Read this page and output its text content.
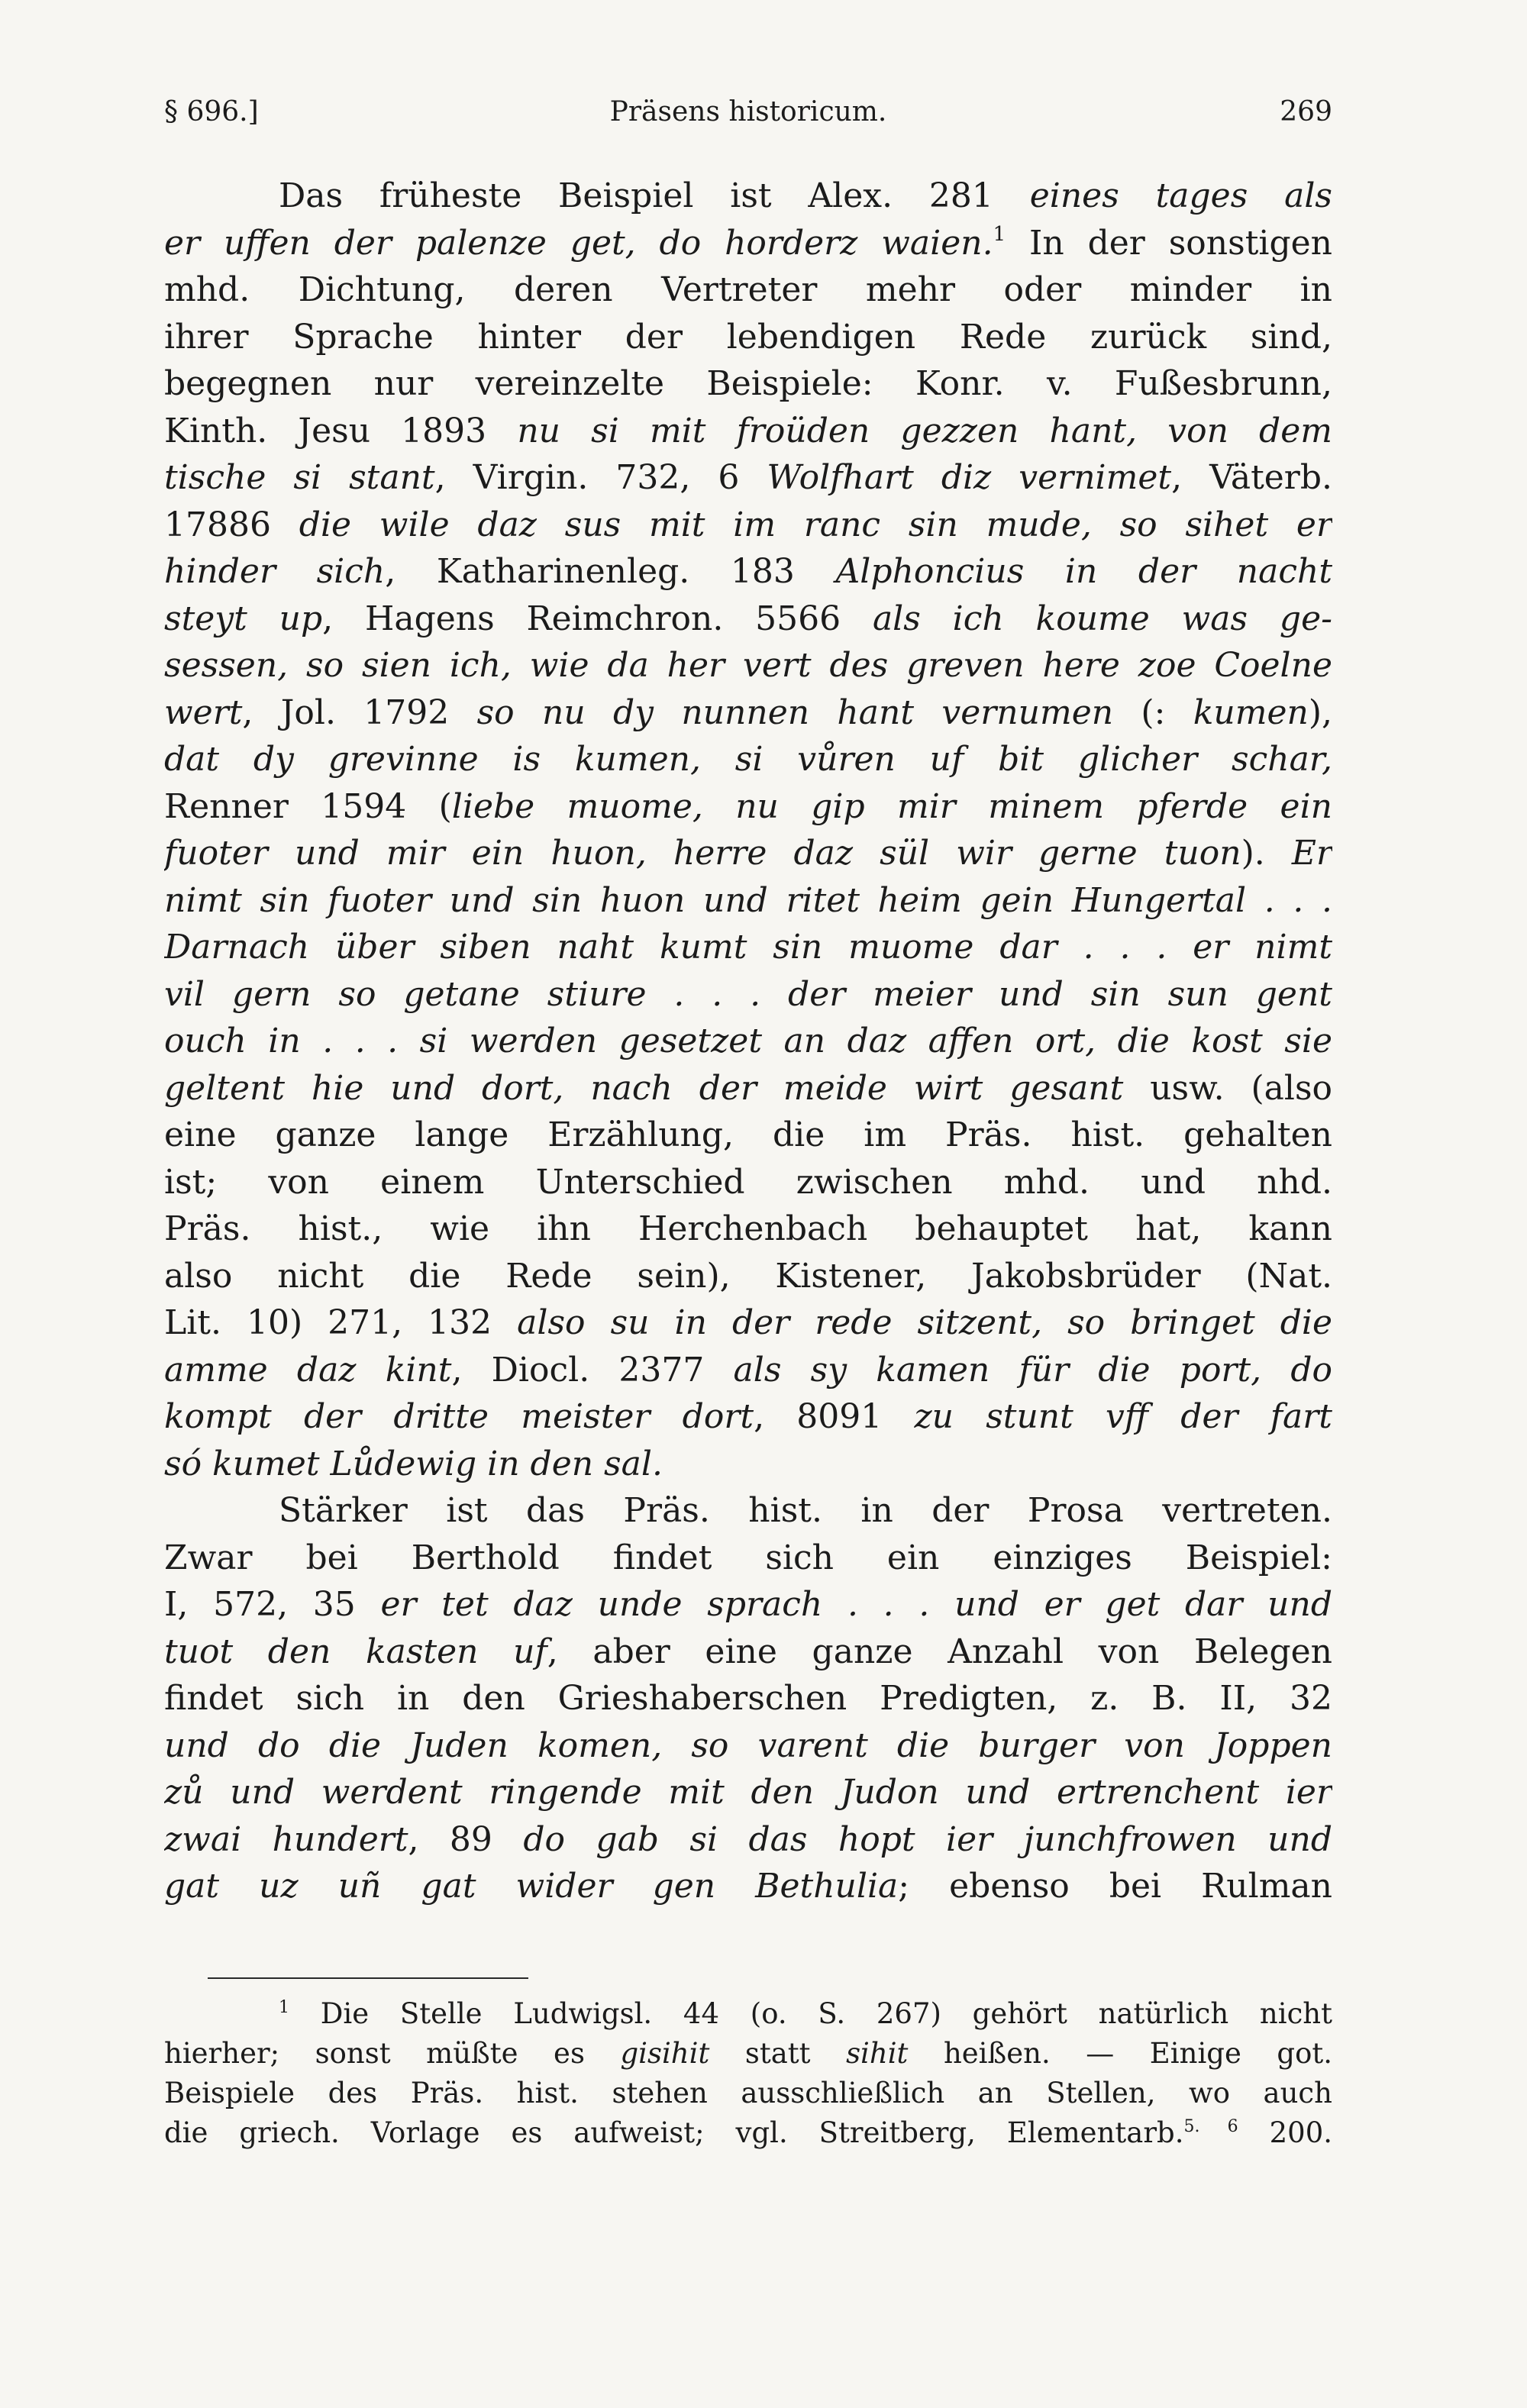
§ 696.]	Präsens historicum.	269
Das früheste Beispiel ist Alex. 281 eines tages als
er uffen der palenze get, do horderz waien.$^1$ In der sonstigen
mhd. Dichtung, deren Vertreter mehr oder minder in
ihrer Sprache hinter der lebendigen Rede zurück sind,
begegnen nur vereinzelte Beispiele: Konr. v. Fußesbrunn,
Kinth. Jesu 1893 nu si mit froüden gezzen hant, von dem
tische si stant, Virgin. 732, 6 Wolfhart diz vernimet, Väterb.
17886 die wile daz sus mit im ranc sin mude, so sihet er
hinder sich, Katharinenleg. 183 Alphoncius in der nacht
steyt up, Hagens Reimchron. 5566 als ich koume was ge-
sessen, so sien ich, wie da her vert des greven here zoe Coelne
wert, Jol. 1792 so nu dy nunnen hant vernumen (: kumen),
dat dy grevinne is kumen, si vůren uf bit glicher schar,
Renner 1594 (liebe muome, nu gip mir minem pferde ein
fuoter und mir ein huon, herre daz sül wir gerne tuon). Er
nimt sin fuoter und sin huon und ritet heim gein Hungertal . . .
Darnach über siben naht kumt sin muome dar . . . er nimt
vil gern so getane stiure . . . der meier und sin sun gent
ouch in . . . si werden gesetzet an daz affen ort, die kost sie
geltent hie und dort, nach der meide wirt gesant usw. (also
eine ganze lange Erzählung, die im Präs. hist. gehalten
ist; von einem Unterschied zwischen mhd. und nhd.
Präs. hist., wie ihn Herchenbach behauptet hat, kann
also nicht die Rede sein), Kistener, Jakobsbrüder (Nat.
Lit. 10) 271, 132 also su in der rede sitzent, so bringet die
amme daz kint, Diocl. 2377 als sy kamen für die port, do
kompt der dritte meister dort, 8091 zu stunt vff der fart
só kumet Lůdewig in den sal.
Stärker ist das Präs. hist. in der Prosa vertreten.
Zwar bei Berthold findet sich ein einziges Beispiel:
I, 572, 35 er tet daz unde sprach . . . und er get dar und
tuot den kasten uf, aber eine ganze Anzahl von Belegen
findet sich in den Grieshaberschen Predigten, z. B. II, 32
und do die Juden komen, so varent die burger von Joppen
zů und werdent ringende mit den Judon und ertrenchent ier
zwai hundert, 89 do gab si das hopt ier junchfrowen und
gat uz uñ gat wider gen Bethulia; ebenso bei Rulman
$^1$ Die Stelle Ludwigsl. 44 (o. S. 267) gehört natürlich nicht
hierher; sonst müßte es gisihit statt sihit heißen. — Einige got.
Beispiele des Präs. hist. stehen ausschließlich an Stellen, wo auch
die griech. Vorlage es aufweist; vgl. Streitberg, Elementarb.$^{5. 6}$ 200.
